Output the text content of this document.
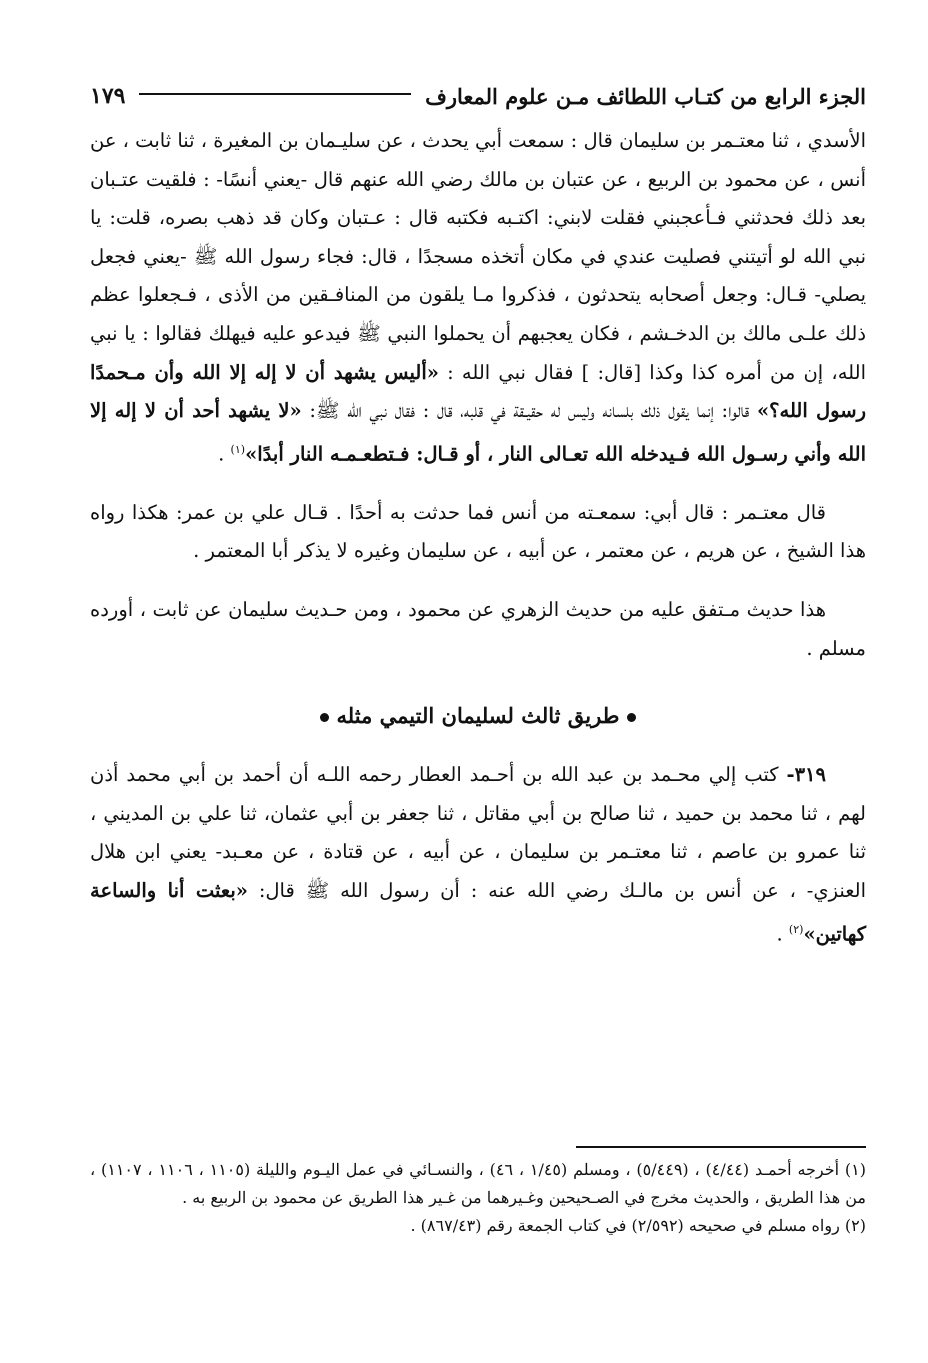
الجزء الرابع من كتـاب اللطائف مـن علوم المعارف
١٧٩

الأسدي ، ثنا معتـمر بن سليمان قال : سمعت أبي يحدث ، عن سليـمان بن المغيرة ، ثنا ثابت ، عن أنس ، عن محمود بن الربيع ، عن عتبان بن مالك رضي الله عنهم قال -يعني أنسًا- : فلقيت عتـبان بعد ذلك فحدثني فـأعجبني فقلت لابني: اكتـبه فكتبه قال : عـتبان وكان قد ذهب بصره، قلت: يا نبي الله لو أتيتني فصليت عندي في مكان أتخذه مسجدًا ، قال: فجاء رسول الله ﷺ -يعني فجعل يصلي- قـال: وجعل أصحابه يتحدثون ، فذكروا مـا يلقون من المنافـقين من الأذى ، فـجعلوا عظم ذلك علـى مالك بن الدخـشم ، فكان يعجبهم أن يحملوا النبي ﷺ فيدعو عليه فيهلك فقالوا : يا نبي الله، إن من أمره كذا وكذا [قال: ] فقال نبي الله : «أليس يشهد أن لا إله إلا الله وأن مـحمدًا رسول الله؟» قالوا: إنما يقول ذلك بلسانه وليس له حقيـقة في قلبه، قال : فقال نبي الله ﷺ: «لا يشهد أحد أن لا إله إلا الله وأني رسـول الله فـيدخله الله تعـالى النار ، أو قـال: فـتطعـمـه النار أبدًا»$^{(١)}$ .

قال معتـمر : قال أبي: سمعـته من أنس فما حدثت به أحدًا . قـال علي بن عمر: هكذا رواه هذا الشيخ ، عن هريم ، عن معتمر ، عن أبيه ، عن سليمان وغيره لا يذكر أبا المعتمر .

هذا حديث مـتفق عليه من حديث الزهري عن محمود ، ومن حـديث سليمان عن ثابت ، أورده مسلم .

طريق ثالث لسليمان التيمي مثله

٣١٩- كتب إلي محـمد بن عبد الله بن أحـمد العطار رحمه اللـه أن أحمد بن أبي محمد أذن لهم ، ثنا محمد بن حميد ، ثنا صالح بن أبي مقاتل ، ثنا جعفر بن أبي عثمان، ثنا علي بن المديني ، ثنا عمرو بن عاصم ، ثنا معتـمر بن سليمان ، عن أبيه ، عن قتادة ، عن معـبد- يعني ابن هلال العنزي- ، عن أنس بن مالـك رضي الله عنه : أن رسول الله ﷺ قال: «بعثت أنا والساعة كهاتين»$^{(٢)}$ .

(١) أخرجه أحمـد (٤/٤٤) ، (٥/٤٤٩) ، ومسلم (١/٤٥ ، ٤٦) ، والنسـائي في عمل اليـوم والليلة (١١٠٥ ، ١١٠٦ ، ١١٠٧) ، من هذا الطريق ، والحديث مخرج في الصـحيحين وغـيرهما من غـير هذا الطريق عن محمود بن الربيع به .

(٢) رواه مسلم في صحيحه (٢/٥٩٢) في كتاب الجمعة رقم (٨٦٧/٤٣) .
